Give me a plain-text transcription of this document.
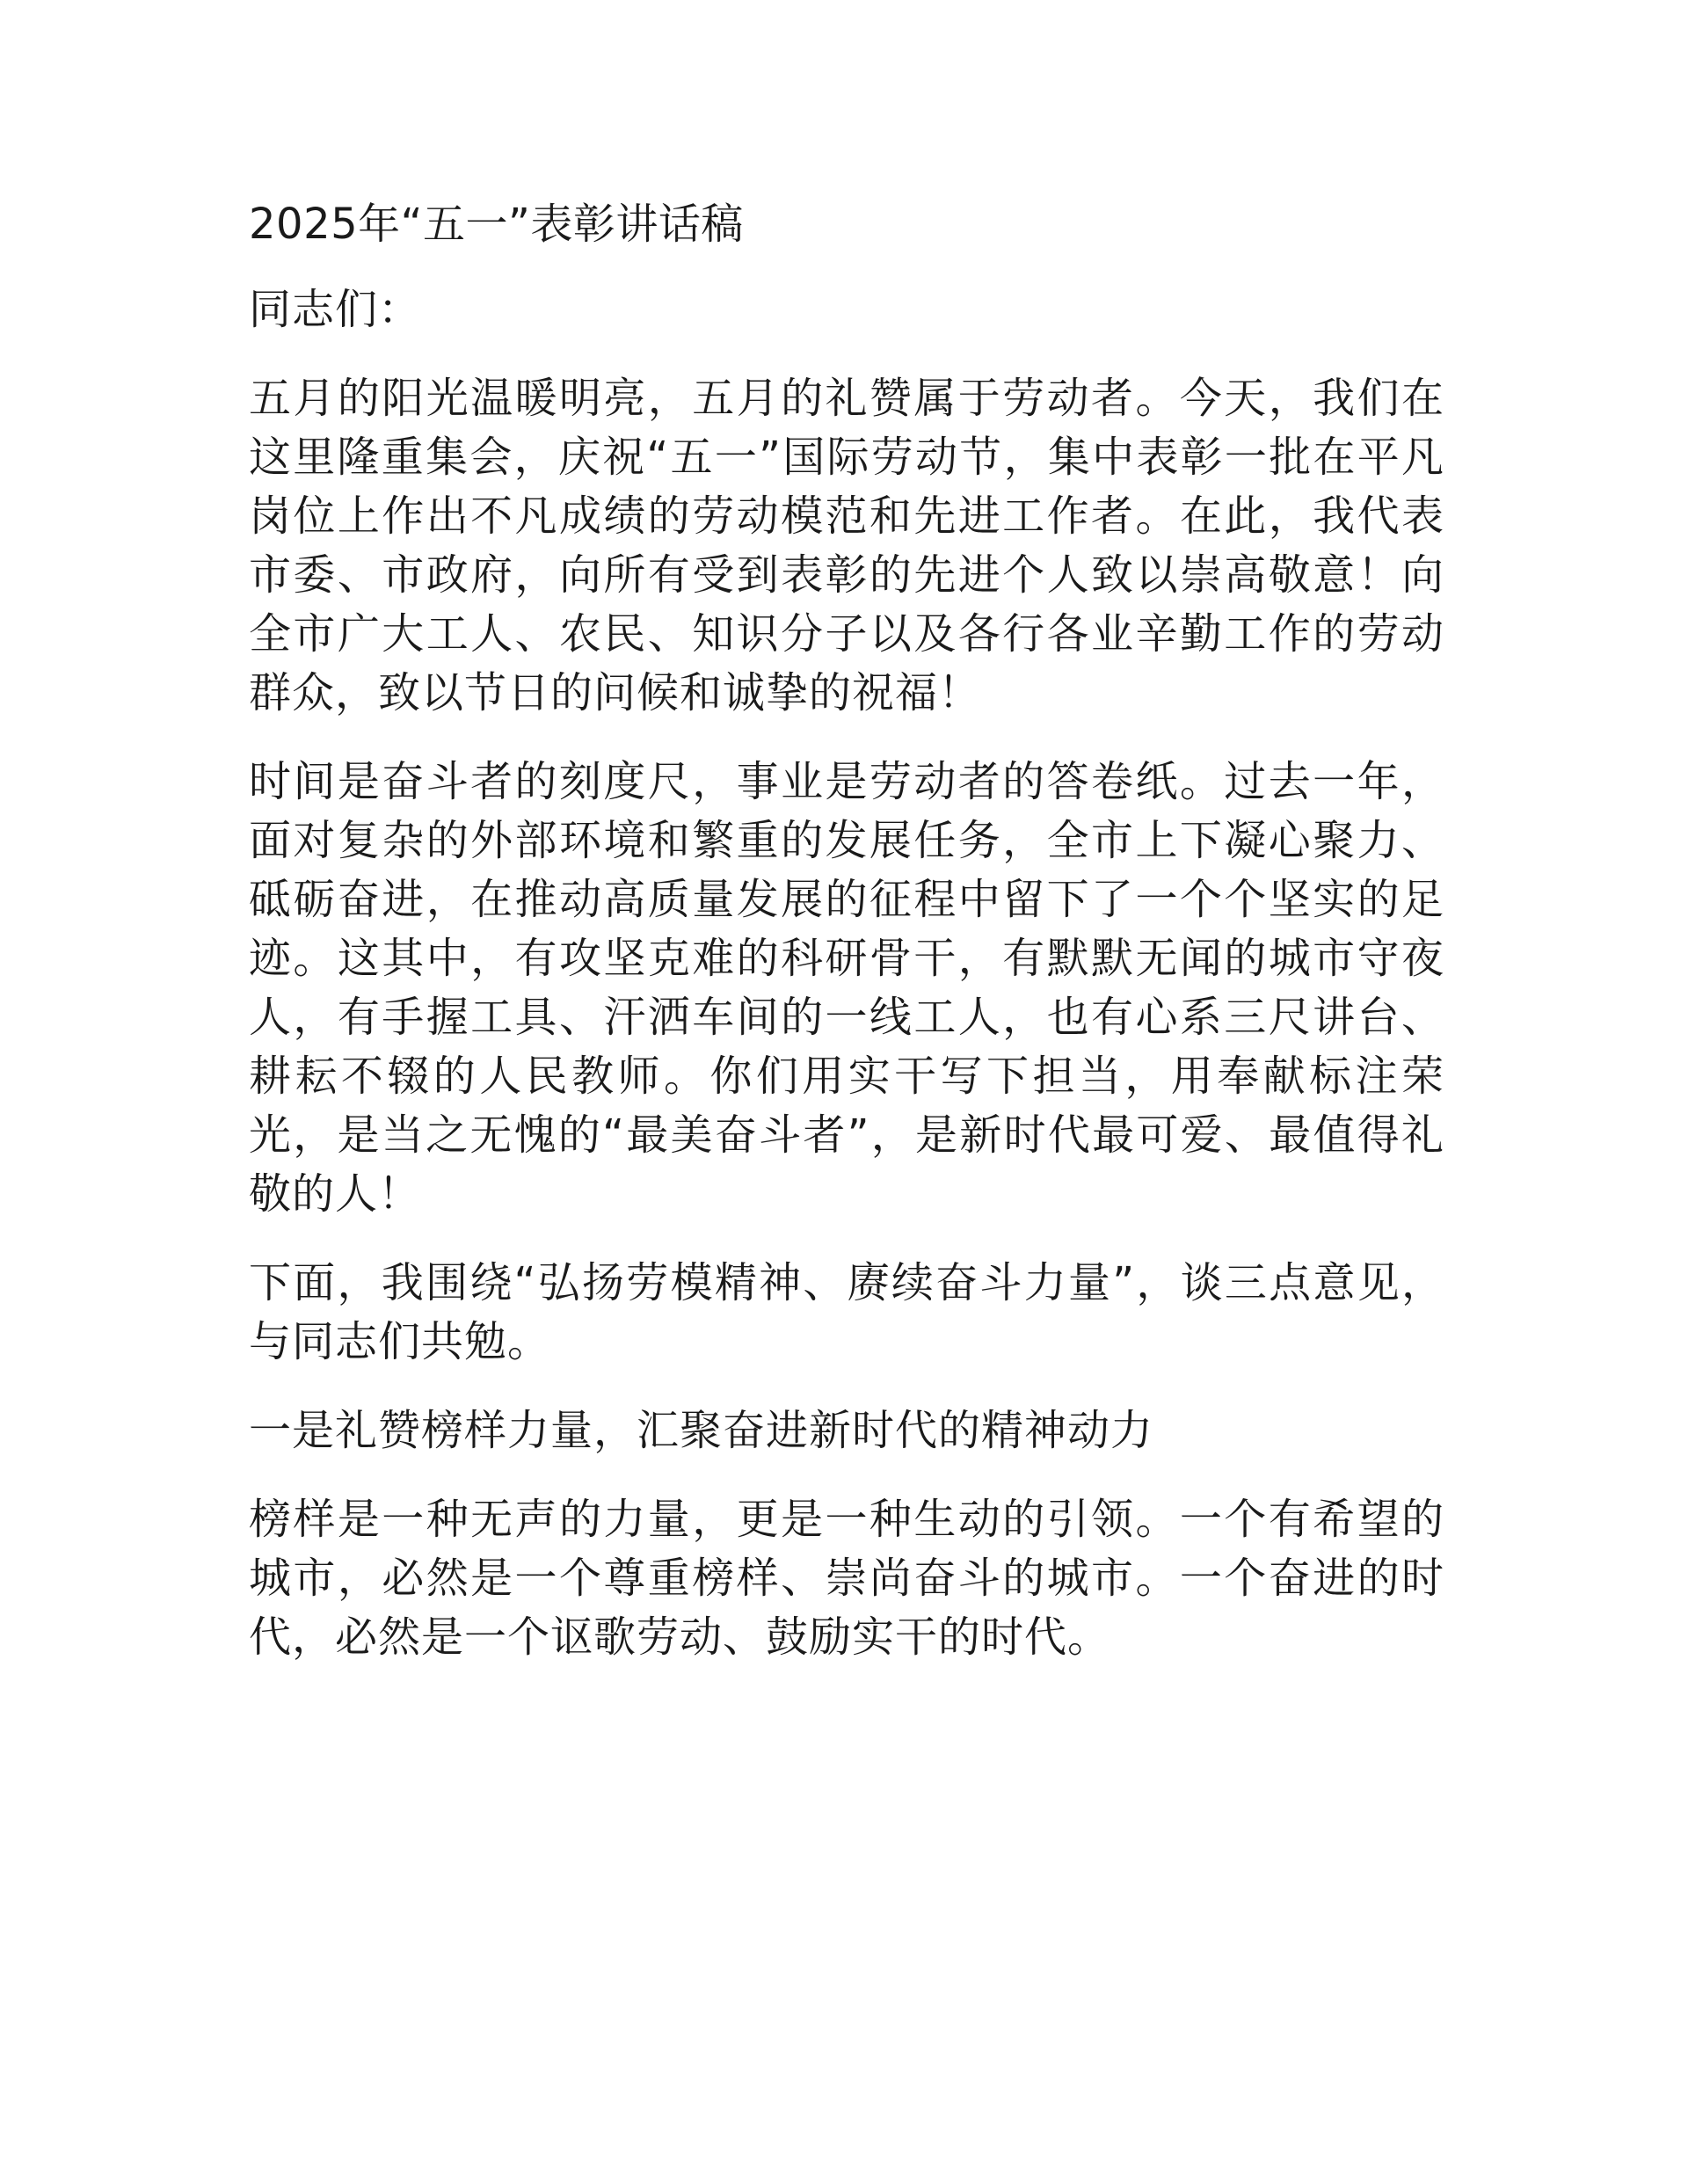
2025年“五一”表彰讲话稿
同志们：
五月的阳光温暖明亮，五月的礼赞属于劳动者。今天，我们在这里隆重集会，庆祝“五一”国际劳动节，集中表彰一批在平凡岗位上作出不凡成绩的劳动模范和先进工作者。在此，我代表市委、市政府，向所有受到表彰的先进个人致以崇高敬意！向全市广大工人、农民、知识分子以及各行各业辛勤工作的劳动群众，致以节日的问候和诚挚的祝福！
时间是奋斗者的刻度尺，事业是劳动者的答卷纸。过去一年，面对复杂的外部环境和繁重的发展任务，全市上下凝心聚力、砥砺奋进，在推动高质量发展的征程中留下了一个个坚实的足迹。这其中，有攻坚克难的科研骨干，有默默无闻的城市守夜人，有手握工具、汗洒车间的一线工人，也有心系三尺讲台、耕耘不辍的人民教师。你们用实干写下担当，用奉献标注荣光，是当之无愧的“最美奋斗者”，是新时代最可爱、最值得礼敬的人！
下面，我围绕“弘扬劳模精神、赓续奋斗力量”，谈三点意见，与同志们共勉。
一是礼赞榜样力量，汇聚奋进新时代的精神动力
榜样是一种无声的力量，更是一种生动的引领。一个有希望的城市，必然是一个尊重榜样、崇尚奋斗的城市。一个奋进的时代，必然是一个讴歌劳动、鼓励实干的时代。
